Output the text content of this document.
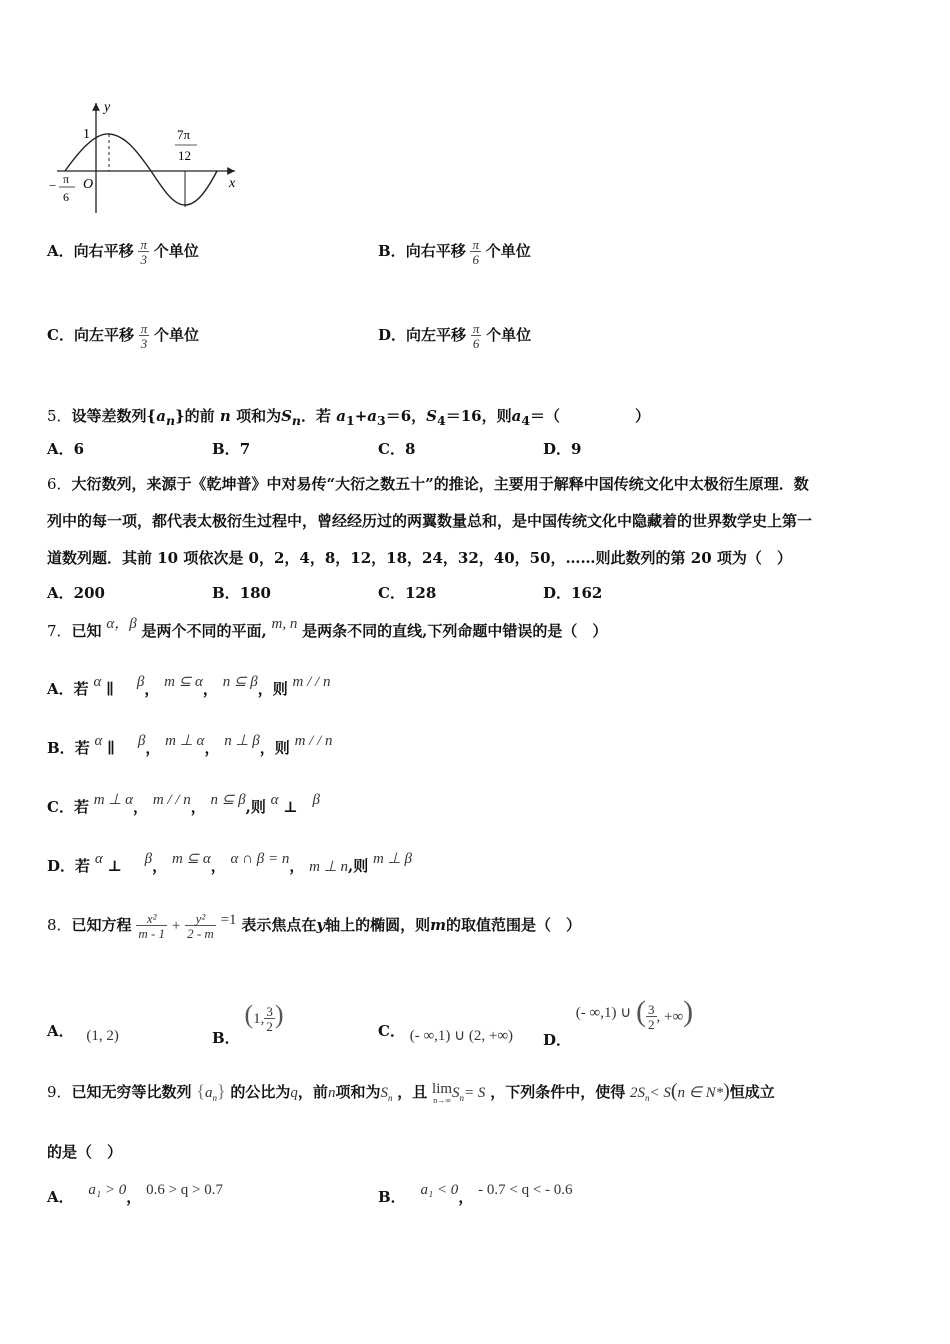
y
x
1
O
7π
12
− π
6
A．向右平移 $\frac{\pi}{3}$ 个单位	B．向右平移 $\frac{\pi}{6}$ 个单位
C．向左平移 $\frac{\pi}{3}$ 个单位	D．向左平移 $\frac{\pi}{6}$ 个单位
5．设等差数列$\{a_n\}$的前 n 项和为$S_n$．若 $a_1+a_3=6$，$S_4=16$，则$a_4=$（　　　　　）
A．6	B．7	C．8	D．9
6．大衍数列，来源于《乾坤普》中对易传“大衍之数五十”的推论，主要用于解释中国传统文化中太极衍生原理．数
列中的每一项，都代表太极衍生过程中，曾经经历过的两翼数量总和，是中国传统文化中隐藏着的世界数学史上第一
道数列题．其前 10 项依次是 0，2，4，8，12，18，24，32，40，50，……则此数列的第 20 项为（　）
A．200	B．180	C．128	D．162
7．已知 α，β 是两个不同的平面, m, n 是两条不同的直线,下列命题中错误的是（　）
A．若 α ∥ β， m ⊆ α， n ⊆ β，则 m / / n
B．若 α ∥ β， m ⊥ α， n ⊥ β，则 m / / n
C．若 m ⊥ α， m / / n， n ⊆ β,则 α ⊥ β
D．若 α ⊥ β， m ⊆ α， α ∩ β = n， m ⊥ n,则 m ⊥ β
8．已知方程 $\frac{\text{x²}}{m - 1} + \frac{\text{y²}}{2 - m} =1$ 表示焦点在y轴上的椭圆，则m的取值范围是（　）
A． (1, 2)	B． (1, $\frac{3}{2}$ )
C． (- ∞,1) ∪ (2, +∞) D． (- ∞,1) ∪ ( $\frac{3}{2}$ , +∞)
9．已知无穷等比数列 $\{a_n\}$ 的公比为q，前n项和为$S_n$ ，且 lim
n→∞ $S_n= S$ ，下列条件中，使得 $2S_n< S(n$ ∈ N*)恒成立
的是（　）
A． a₁ > 0， 0.6 > q > 0.7	B． a₁ < 0， - 0.7 < q < - 0.6
